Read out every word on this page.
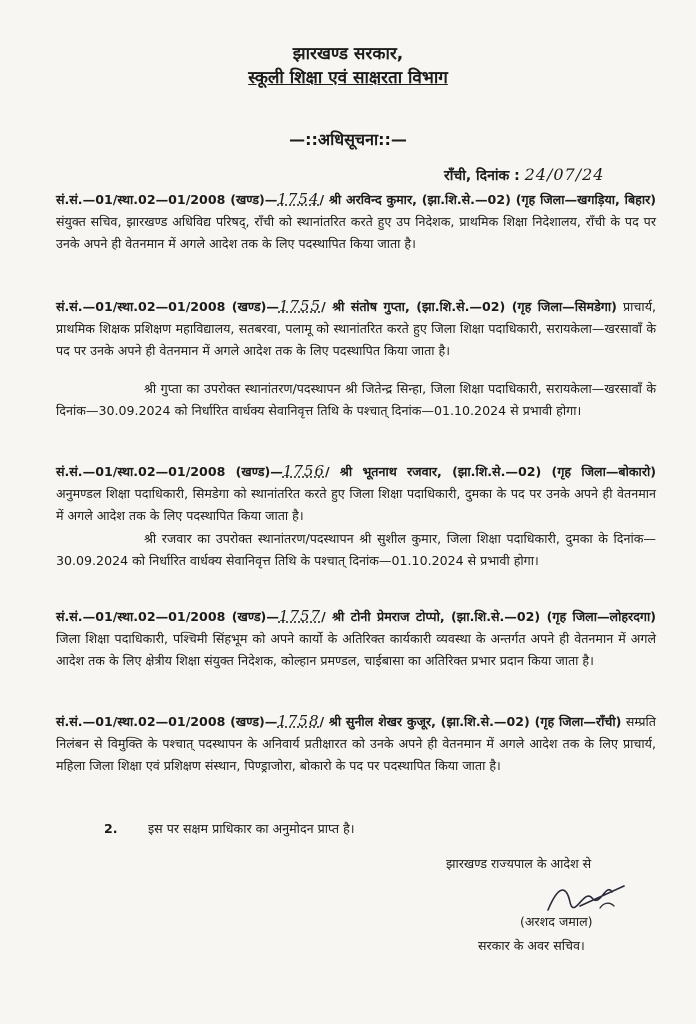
झारखण्ड सरकार,
स्कूली शिक्षा एवं साक्षरता विभाग
—::अधिसूचना::—
राँची, दिनांक : 24/07/24
सं.सं.—01/स्था.02—01/2008 (खण्ड)—1754/ श्री अरविन्द कुमार, (झा.शि.से.—02) (गृह जिला—खगड़िया, बिहार) संयुक्त सचिव, झारखण्ड अधिविद्य परिषद्, राँची को स्थानांतरित करते हुए उप निदेशक, प्राथमिक शिक्षा निदेशालय, राँची के पद पर उनके अपने ही वेतनमान में अगले आदेश तक के लिए पदस्थापित किया जाता है।
सं.सं.—01/स्था.02—01/2008 (खण्ड)—1755/ श्री संतोष गुप्ता, (झा.शि.से.—02) (गृह जिला—सिमडेगा) प्राचार्य, प्राथमिक शिक्षक प्रशिक्षण महाविद्यालय, सतबरवा, पलामू को स्थानांतरित करते हुए जिला शिक्षा पदाधिकारी, सरायकेला—खरसावाँ के पद पर उनके अपने ही वेतनमान में अगले आदेश तक के लिए पदस्थापित किया जाता है।
श्री गुप्ता का उपरोक्त स्थानांतरण/पदस्थापन श्री जितेन्द्र सिन्हा, जिला शिक्षा पदाधिकारी, सरायकेला—खरसावाँ के दिनांक—30.09.2024 को निर्धारित वार्धक्य सेवानिवृत्त तिथि के पश्चात् दिनांक—01.10.2024 से प्रभावी होगा।
सं.सं.—01/स्था.02—01/2008 (खण्ड)—1756/ श्री भूतनाथ रजवार, (झा.शि.से.—02) (गृह जिला—बोकारो) अनुमण्डल शिक्षा पदाधिकारी, सिमडेगा को स्थानांतरित करते हुए जिला शिक्षा पदाधिकारी, दुमका के पद पर उनके अपने ही वेतनमान में अगले आदेश तक के लिए पदस्थापित किया जाता है।
श्री रजवार का उपरोक्त स्थानांतरण/पदस्थापन श्री सुशील कुमार, जिला शिक्षा पदाधिकारी, दुमका के दिनांक—30.09.2024 को निर्धारित वार्धक्य सेवानिवृत्त तिथि के पश्चात् दिनांक—01.10.2024 से प्रभावी होगा।
सं.सं.—01/स्था.02—01/2008 (खण्ड)—1757/ श्री टोनी प्रेमराज टोप्पो, (झा.शि.से.—02) (गृह जिला—लोहरदगा) जिला शिक्षा पदाधिकारी, पश्चिमी सिंहभूम को अपने कार्यो के अतिरिक्त कार्यकारी व्यवस्था के अन्तर्गत अपने ही वेतनमान में अगले आदेश तक के लिए क्षेत्रीय शिक्षा संयुक्त निदेशक, कोल्हान प्रमण्डल, चाईबासा का अतिरिक्त प्रभार प्रदान किया जाता है।
सं.सं.—01/स्था.02—01/2008 (खण्ड)—1758/ श्री सुनील शेखर कुजूर, (झा.शि.से.—02) (गृह जिला—राँची) सम्प्रति निलंबन से विमुक्ति के पश्चात् पदस्थापन के अनिवार्य प्रतीक्षारत को उनके अपने ही वेतनमान में अगले आदेश तक के लिए प्राचार्य, महिला जिला शिक्षा एवं प्रशिक्षण संस्थान, पिण्ड्राजोरा, बोकारो के पद पर पदस्थापित किया जाता है।
2. इस पर सक्षम प्राधिकार का अनुमोदन प्राप्त है।
झारखण्ड राज्यपाल के आदेश से
(अरशद जमाल)
सरकार के अवर सचिव।
